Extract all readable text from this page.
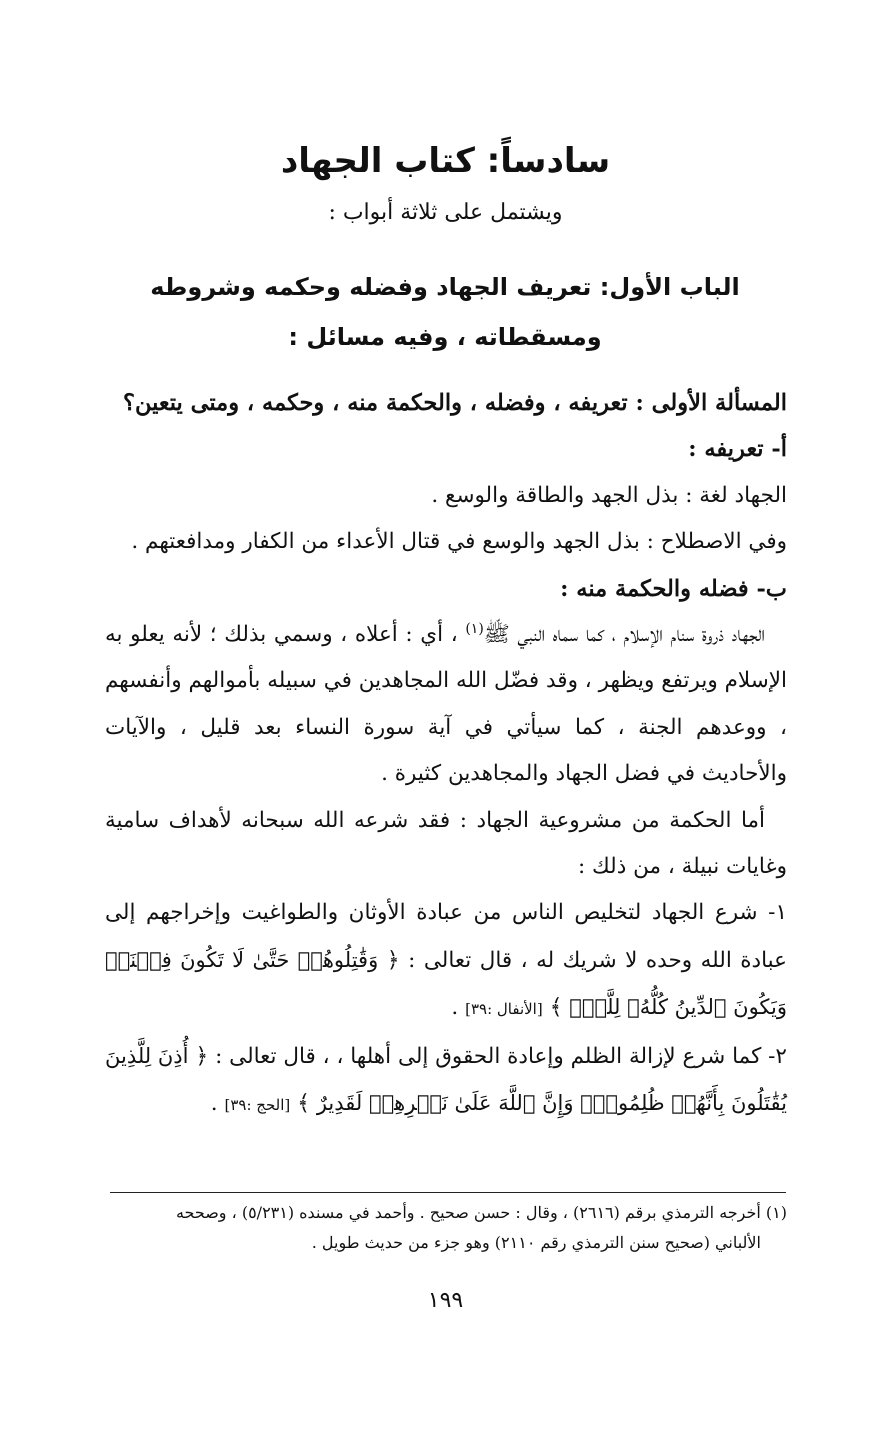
سادساً: كتاب الجهاد
ويشتمل على ثلاثة أبواب :
الباب الأول: تعريف الجهاد وفضله وحكمه وشروطه ومسقطاته ، وفيه مسائل :

المسألة الأولى : تعريفه ، وفضله ، والحكمة منه ، وحكمه ، ومتى يتعين؟

أ- تعريفه :

الجهاد لغة : بذل الجهد والطاقة والوسع .

وفي الاصطلاح : بذل الجهد والوسع في قتال الأعداء من الكفار ومدافعتهم .

ب- فضله والحكمة منه :

الجهاد ذروة سنام الإسلام ، كما سماه النبي ﷺ$^{(١)}$ ، أي : أعلاه ، وسمي بذلك ؛ لأنه يعلو به الإسلام ويرتفع ويظهر ، وقد فضّل الله المجاهدين في سبيله بأموالهم وأنفسهم ، ووعدهم الجنة ، كما سيأتي في آية سورة النساء بعد قليل ، والآيات والأحاديث في فضل الجهاد والمجاهدين كثيرة .

أما الحكمة من مشروعية الجهاد : فقد شرعه الله سبحانه لأهداف سامية وغايات نبيلة ، من ذلك :

١- شرع الجهاد لتخليص الناس من عبادة الأوثان والطواغيت وإخراجهم إلى عبادة الله وحده لا شريك له ، قال تعالى : ﴿ وَقَٰتِلُوهُمۡ حَتَّىٰ لَا تَكُونَ فِتۡنَةٞ وَيَكُونَ ٱلدِّينُ كُلُّهُۥ لِلَّهِۚ ﴾ [الأنفال :٣٩] .

٢- كما شرع لإزالة الظلم وإعادة الحقوق إلى أهلها ، ، قال تعالى : ﴿ أُذِنَ لِلَّذِينَ يُقَٰتَلُونَ بِأَنَّهُمۡ ظُلِمُواْۚ وَإِنَّ ٱللَّهَ عَلَىٰ نَصۡرِهِمۡ لَقَدِيرٌ ﴾ [الحج :٣٩] .

(١) أخرجه الترمذي برقم (٢٦١٦) ، وقال : حسن صحيح . وأحمد في مسنده (٥/٢٣١) ، وصححه

الألباني (صحيح سنن الترمذي رقم ٢١١٠) وهو جزء من حديث طويل .

١٩٩
